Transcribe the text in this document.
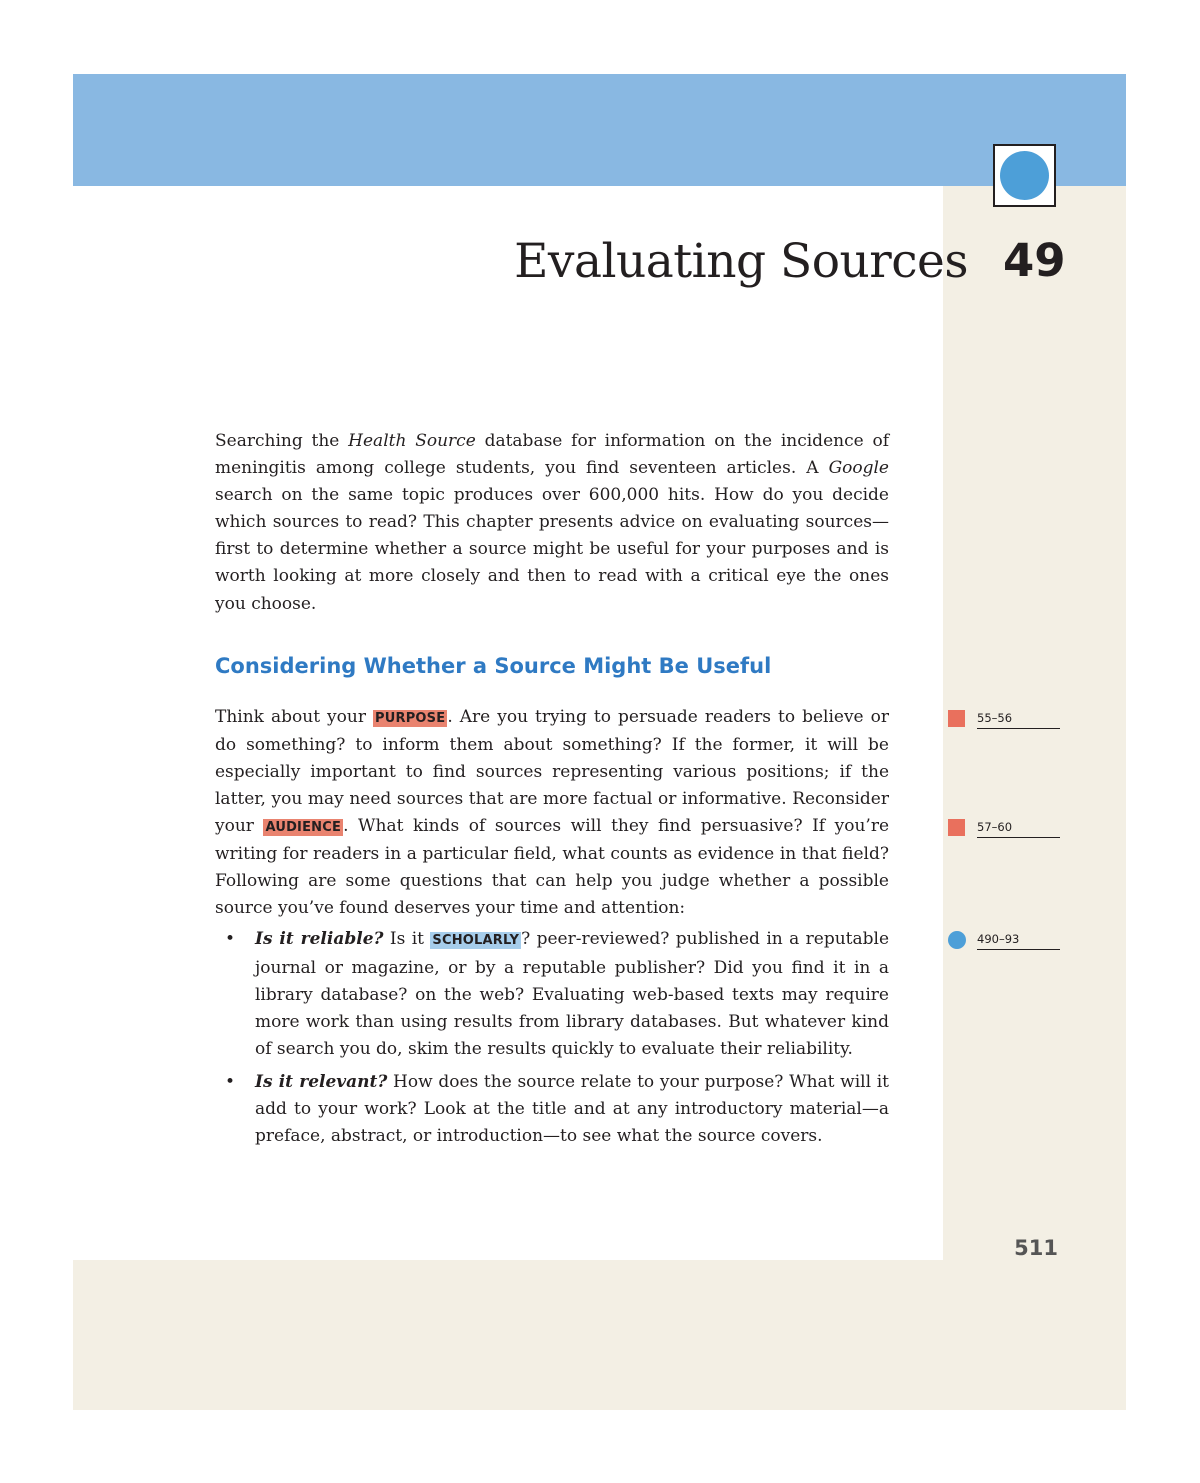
Evaluating Sources 49

Searching the Health Source database for information on the incidence of meningitis among college students, you find seventeen articles. A Google search on the same topic produces over 600,000 hits. How do you decide which sources to read? This chapter presents advice on evaluating sources—first to determine whether a source might be useful for your purposes and is worth looking at more closely and then to read with a critical eye the ones you choose.

Considering Whether a Source Might Be Useful

Think about your PURPOSE . Are you trying to persuade readers to believe or do something? to inform them about something? If the former, it will be especially important to find sources representing various positions; if the latter, you may need sources that are more factual or informative. Reconsider your AUDIENCE . What kinds of sources will they find persuasive? If you’re writing for readers in a particular field, what counts as evidence in that field? Following are some questions that can help you judge whether a possible source you’ve found deserves your time and attention:

• Is it reliable? Is it SCHOLARLY ? peer-reviewed? published in a reputable journal or magazine, or by a reputable publisher? Did you find it in a library database? on the web? Evaluating web-based texts may require more work than using results from library databases. But whatever kind of search you do, skim the results quickly to evaluate their reliability.
• Is it relevant? How does the source relate to your purpose? What will it add to your work? Look at the title and at any introductory material—a preface, abstract, or introduction—to see what the source covers.
55–56
57–60
490–93
511
